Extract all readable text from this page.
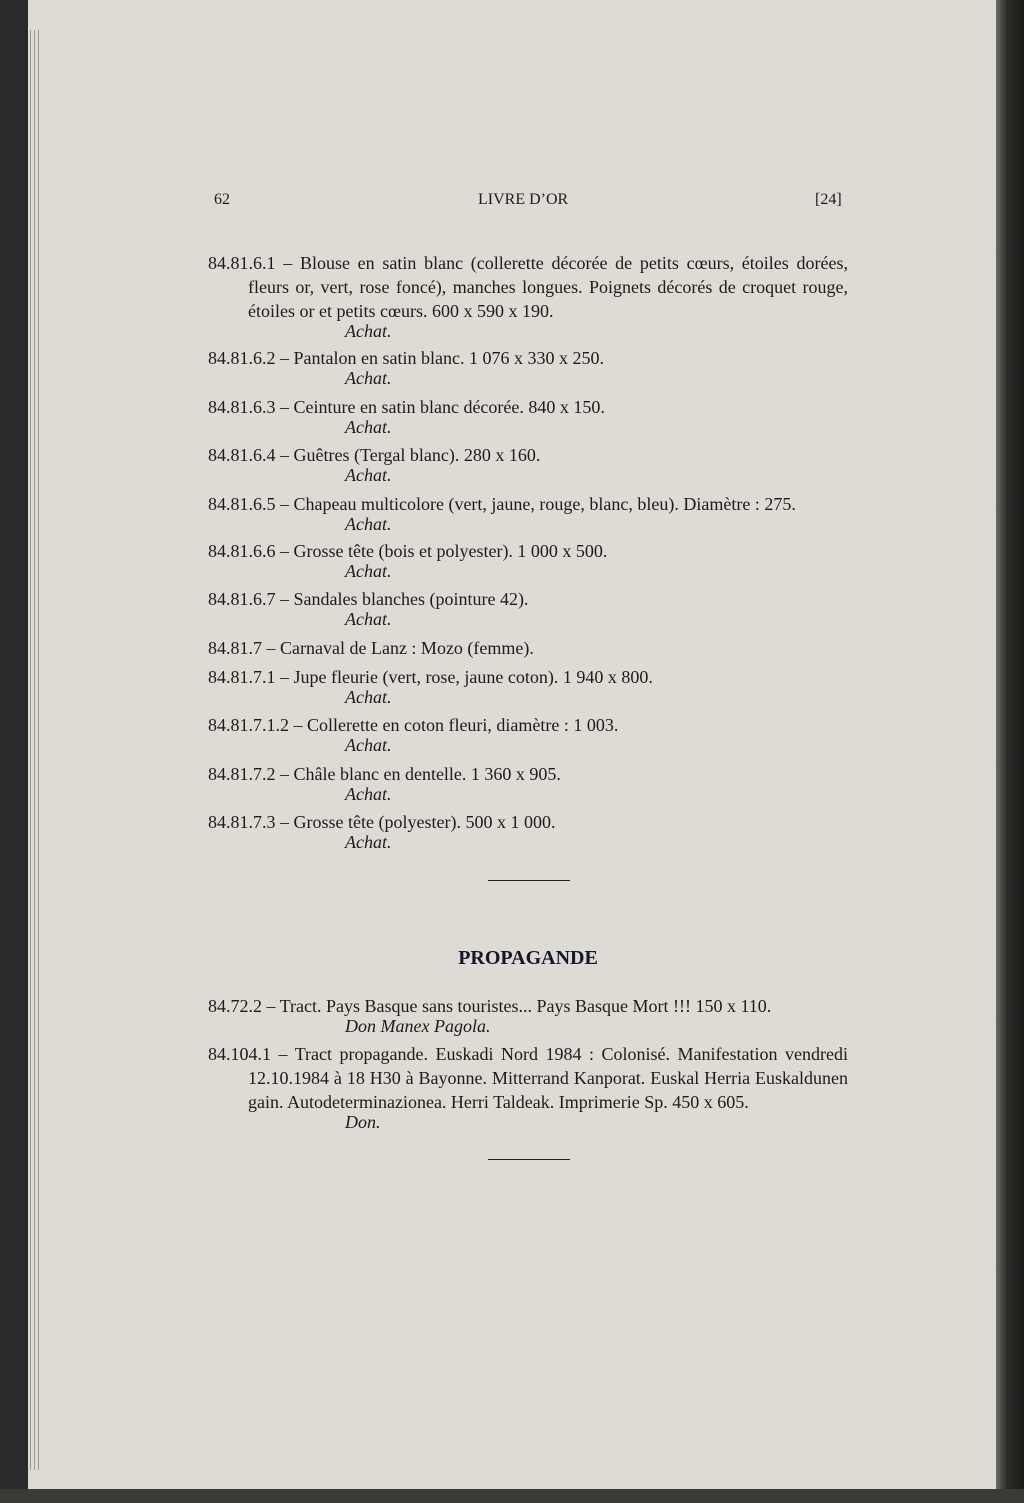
62	LIVRE D’OR	[24]
84.81.6.1 – Blouse en satin blanc (collerette décorée de petits cœurs, étoiles dorées, fleurs or, vert, rose foncé), manches longues. Poignets décorés de croquet rouge, étoiles or et petits cœurs. 600 x 590 x 190.
Achat.
84.81.6.2 – Pantalon en satin blanc. 1 076 x 330 x 250.
Achat.
84.81.6.3 – Ceinture en satin blanc décorée. 840 x 150.
Achat.
84.81.6.4 – Guêtres (Tergal blanc). 280 x 160.
Achat.
84.81.6.5 – Chapeau multicolore (vert, jaune, rouge, blanc, bleu). Diamètre : 275.
Achat.
84.81.6.6 – Grosse tête (bois et polyester). 1 000 x 500.
Achat.
84.81.6.7 – Sandales blanches (pointure 42).
Achat.
84.81.7 – Carnaval de Lanz : Mozo (femme).
84.81.7.1 – Jupe fleurie (vert, rose, jaune coton). 1 940 x 800.
Achat.
84.81.7.1.2 – Collerette en coton fleuri, diamètre : 1 003.
Achat.
84.81.7.2 – Châle blanc en dentelle. 1 360 x 905.
Achat.
84.81.7.3 – Grosse tête (polyester). 500 x 1 000.
Achat.
PROPAGANDE
84.72.2 – Tract. Pays Basque sans touristes... Pays Basque Mort !!! 150 x 110.
Don Manex Pagola.
84.104.1 – Tract propagande. Euskadi Nord 1984 : Colonisé. Manifestation vendredi 12.10.1984 à 18 H30 à Bayonne. Mitterrand Kanporat. Euskal Herria Euskaldunen gain. Autodeterminazionea. Herri Taldeak. Imprimerie Sp. 450 x 605.
Don.
